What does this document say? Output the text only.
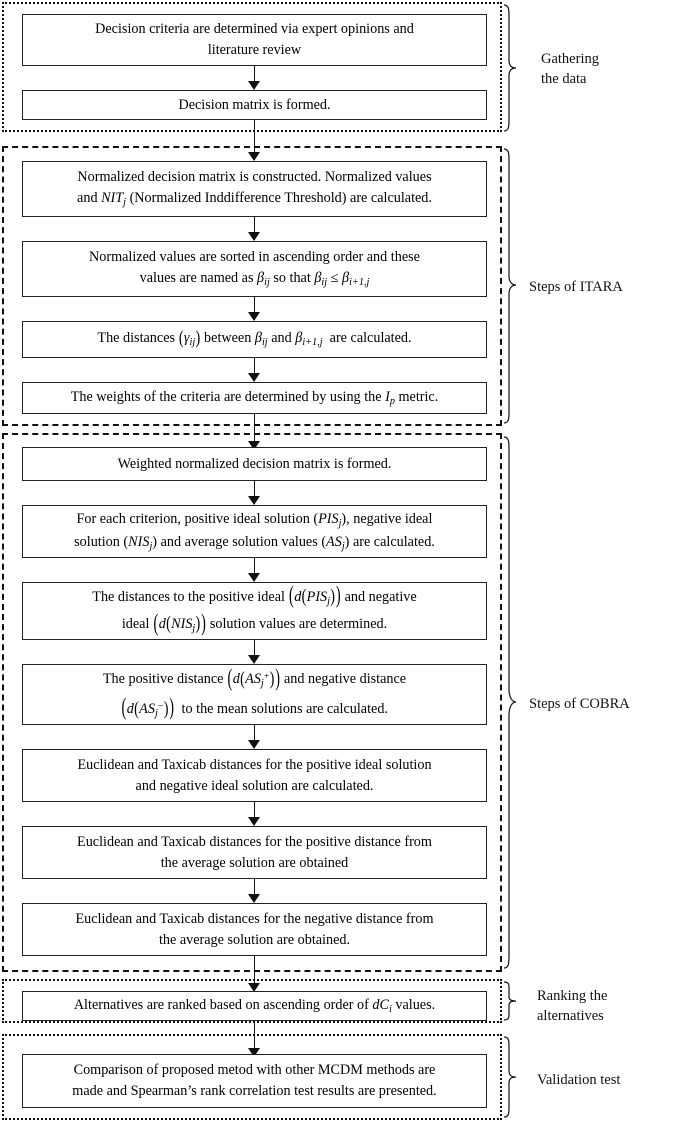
Decision criteria are determined via expert opinions and
literature review
Decision matrix is formed.
Normalized decision matrix is constructed. Normalized values
and $NIT_j$ (Normalized Inddifference Threshold) are calculated.
Normalized values are sorted in ascending order and these
values are named as $\beta_{ij}$ so that $\beta_{ij} \le \beta_{i+1,j}$
The distances $(\gamma_{ij})$ between $\beta_{ij}$ and $\beta_{i+1,j}$ are calculated.
The weights of the criteria are determined by using the $I_p$ metric.
Weighted normalized decision matrix is formed.
For each criterion, positive ideal solution $(PIS_j)$, negative ideal
solution $(NIS_j)$ and average solution values $(AS_j)$ are calculated.
The distances to the positive ideal $(d(PIS_j))$ and negative
ideal $(d(NIS_j))$ solution values are determined.
The positive distance $(d(AS_j^+))$ and negative distance
$(d(AS_j^-))$ to the mean solutions are calculated.
Euclidean and Taxicab distances for the positive ideal solution
and negative ideal solution are calculated.
Euclidean and Taxicab distances for the positive distance from
the average solution are obtained
Euclidean and Taxicab distances for the negative distance from
the average solution are obtained.
Alternatives are ranked based on ascending order of $dC_i$ values.
Comparison of proposed metod with other MCDM methods are
made and Spearman’s rank correlation test results are presented.
Gathering
the data
Steps of ITARA
Steps of COBRA
Ranking the
alternatives
Validation test
